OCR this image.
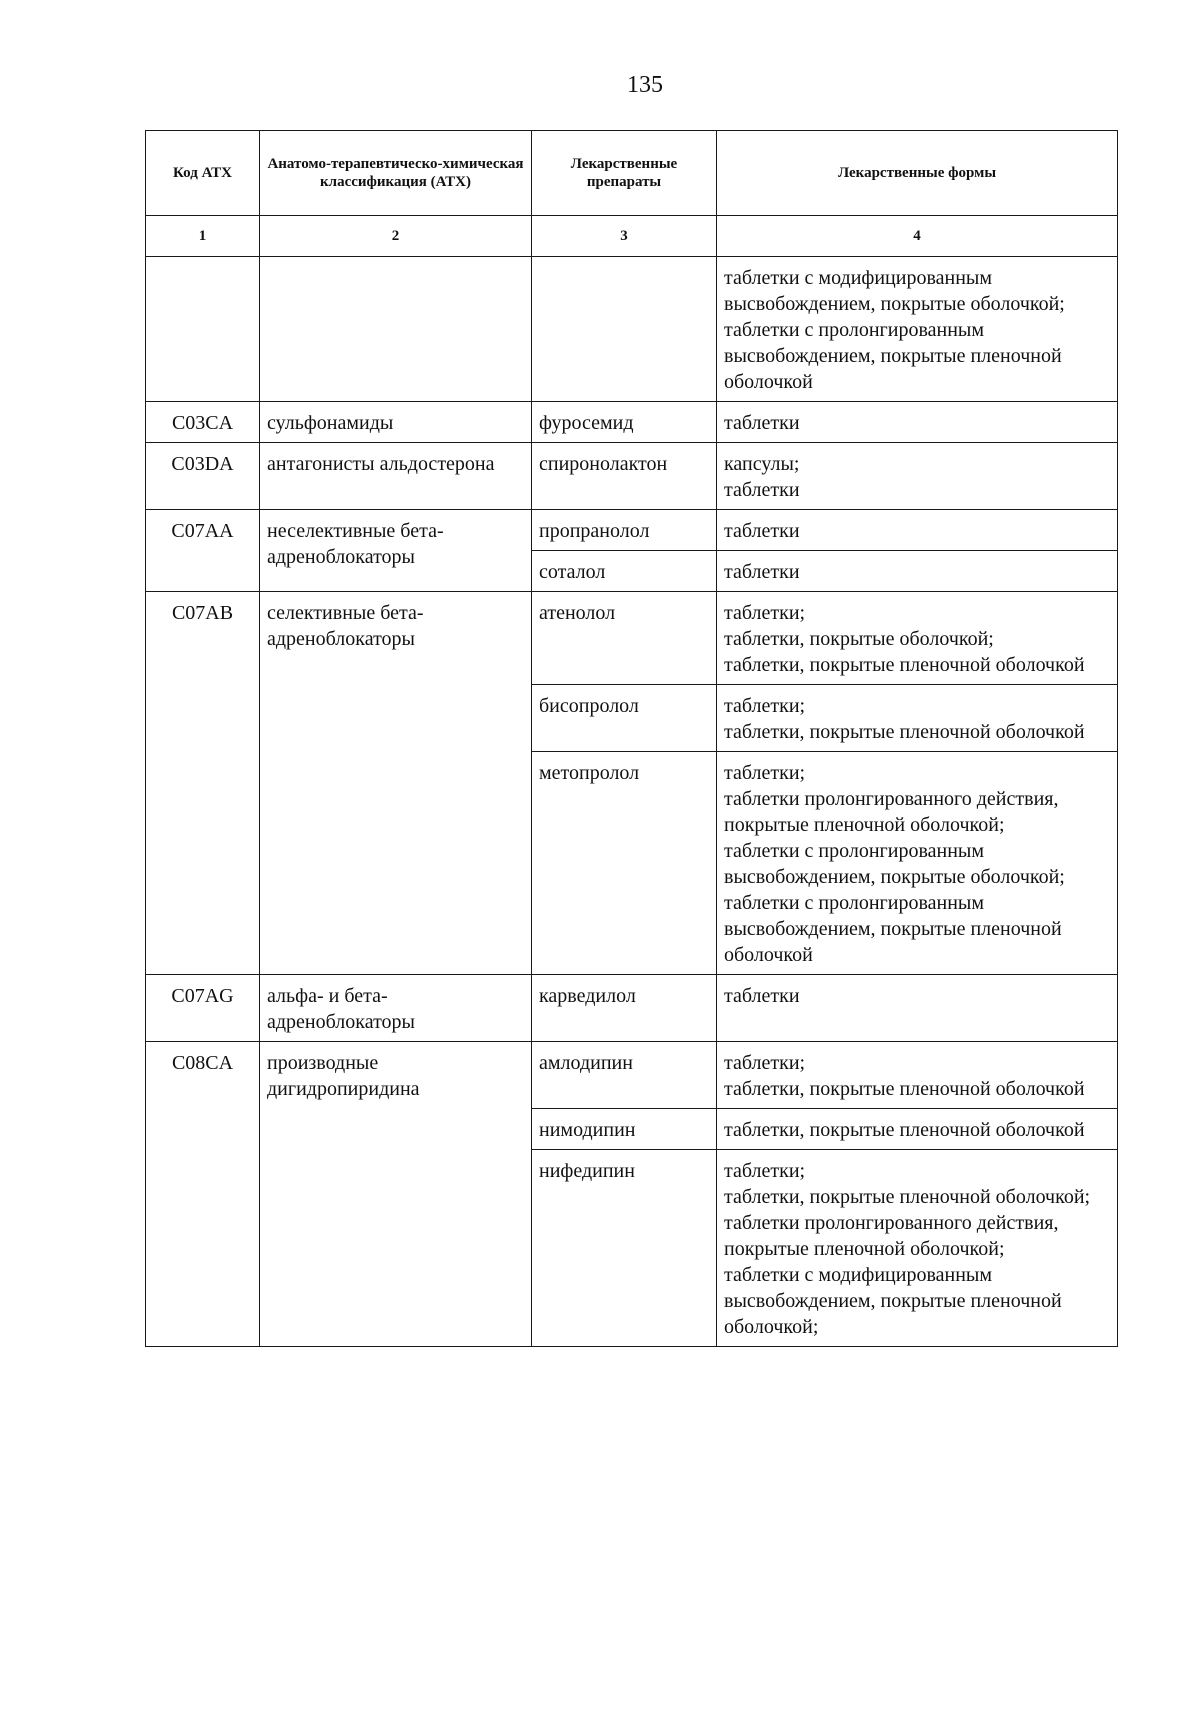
135
Код АТХ	Анатомо-терапевтическо-химическая классификация (АТХ)	Лекарственные препараты	Лекарственные формы
1	2	3	4

			таблетки с модифицированным высвобождением, покрытые оболочкой;
таблетки с пролонгированным высвобождением, покрытые пленочной оболочкой

C03CA	сульфонамиды	фуросемид	таблетки

C03DA	антагонисты альдостерона	спиронолактон	капсулы;
таблетки

C07AA	неселективные бета-адреноблокаторы	пропранолол	таблетки

		соталол	таблетки

C07AB	селективные бета-адреноблокаторы	атенолол	таблетки;
таблетки, покрытые оболочкой;
таблетки, покрытые пленочной оболочкой

		бисопролол	таблетки;
таблетки, покрытые пленочной оболочкой

		метопролол	таблетки;
таблетки пролонгированного действия, покрытые пленочной оболочкой;
таблетки с пролонгированным высвобождением, покрытые оболочкой;
таблетки с пролонгированным высвобождением, покрытые пленочной оболочкой

C07AG	альфа- и бета-адреноблокаторы	карведилол	таблетки

C08CA	производные дигидропиридина	амлодипин	таблетки;
таблетки, покрытые пленочной оболочкой

		нимодипин	таблетки, покрытые пленочной оболочкой

		нифедипин	таблетки;
таблетки, покрытые пленочной оболочкой;
таблетки пролонгированного действия, покрытые пленочной оболочкой;
таблетки с модифицированным высвобождением, покрытые пленочной оболочкой;
